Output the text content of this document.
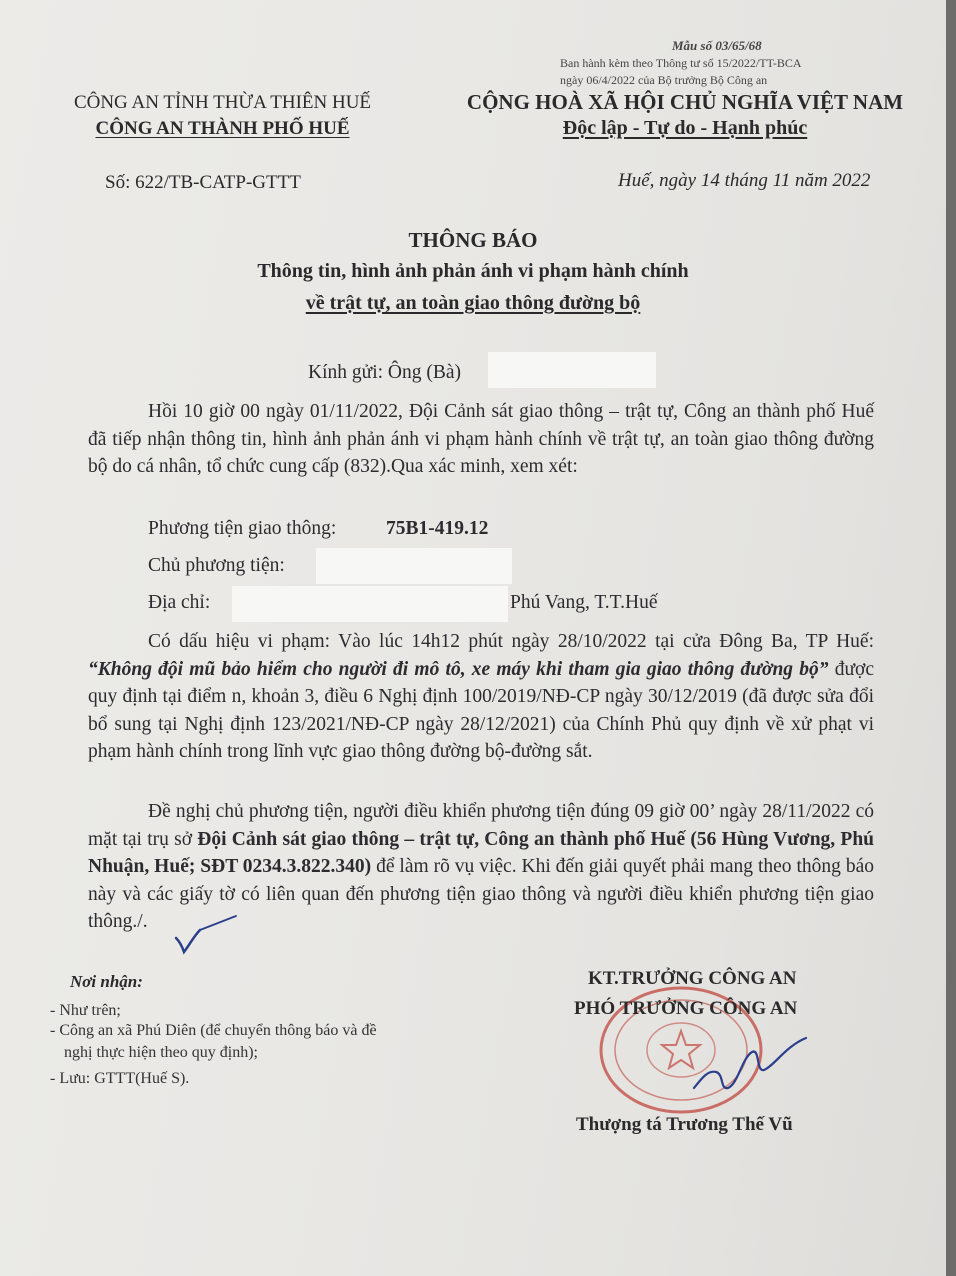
Mẫu số 03/65/68
Ban hành kèm theo Thông tư số 15/2022/TT-BCA
ngày 06/4/2022 của Bộ trưởng Bộ Công an
CÔNG AN TỈNH THỪA THIÊN HUẾ
CÔNG AN THÀNH PHỐ HUẾ
CỘNG HOÀ XÃ HỘI CHỦ NGHĨA VIỆT NAM
Độc lập - Tự do - Hạnh phúc
Số: 622/TB-CATP-GTTT	Huế, ngày 14 tháng 11 năm 2022
THÔNG BÁO
Thông tin, hình ảnh phản ánh vi phạm hành chính
về trật tự, an toàn giao thông đường bộ
Kính gửi: Ông (Bà)
Hồi 10 giờ 00 ngày 01/11/2022, Đội Cảnh sát giao thông – trật tự, Công an thành phố Huế đã tiếp nhận thông tin, hình ảnh phản ánh vi phạm hành chính về trật tự, an toàn giao thông đường bộ do cá nhân, tổ chức cung cấp (832).Qua xác minh, xem xét:
Phương tiện giao thông:	75B1-419.12
Chủ phương tiện:
Địa chỉ:	Phú Vang, T.T.Huế
Có dấu hiệu vi phạm: Vào lúc 14h12 phút ngày 28/10/2022 tại cửa Đông Ba, TP Huế: “Không đội mũ bảo hiểm cho người đi mô tô, xe máy khi tham gia giao thông đường bộ” được quy định tại điểm n, khoản 3, điều 6 Nghị định 100/2019/NĐ-CP ngày 30/12/2019 (đã được sửa đổi bổ sung tại Nghị định 123/2021/NĐ-CP ngày 28/12/2021) của Chính Phủ quy định về xử phạt vi phạm hành chính trong lĩnh vực giao thông đường bộ-đường sắt.
Đề nghị chủ phương tiện, người điều khiển phương tiện đúng 09 giờ 00’ ngày 28/11/2022 có mặt tại trụ sở Đội Cảnh sát giao thông – trật tự, Công an thành phố Huế (56 Hùng Vương, Phú Nhuận, Huế; SĐT 0234.3.822.340) để làm rõ vụ việc. Khi đến giải quyết phải mang theo thông báo này và các giấy tờ có liên quan đến phương tiện giao thông và người điều khiển phương tiện giao thông./.
Nơi nhận:
- Như trên;
- Công an xã Phú Diên (để chuyển thông báo và đề
nghị thực hiện theo quy định);
- Lưu: GTTT(Huế S).
KT.TRƯỞNG CÔNG AN
PHÓ TRƯỞNG CÔNG AN
Thượng tá Trương Thế Vũ
